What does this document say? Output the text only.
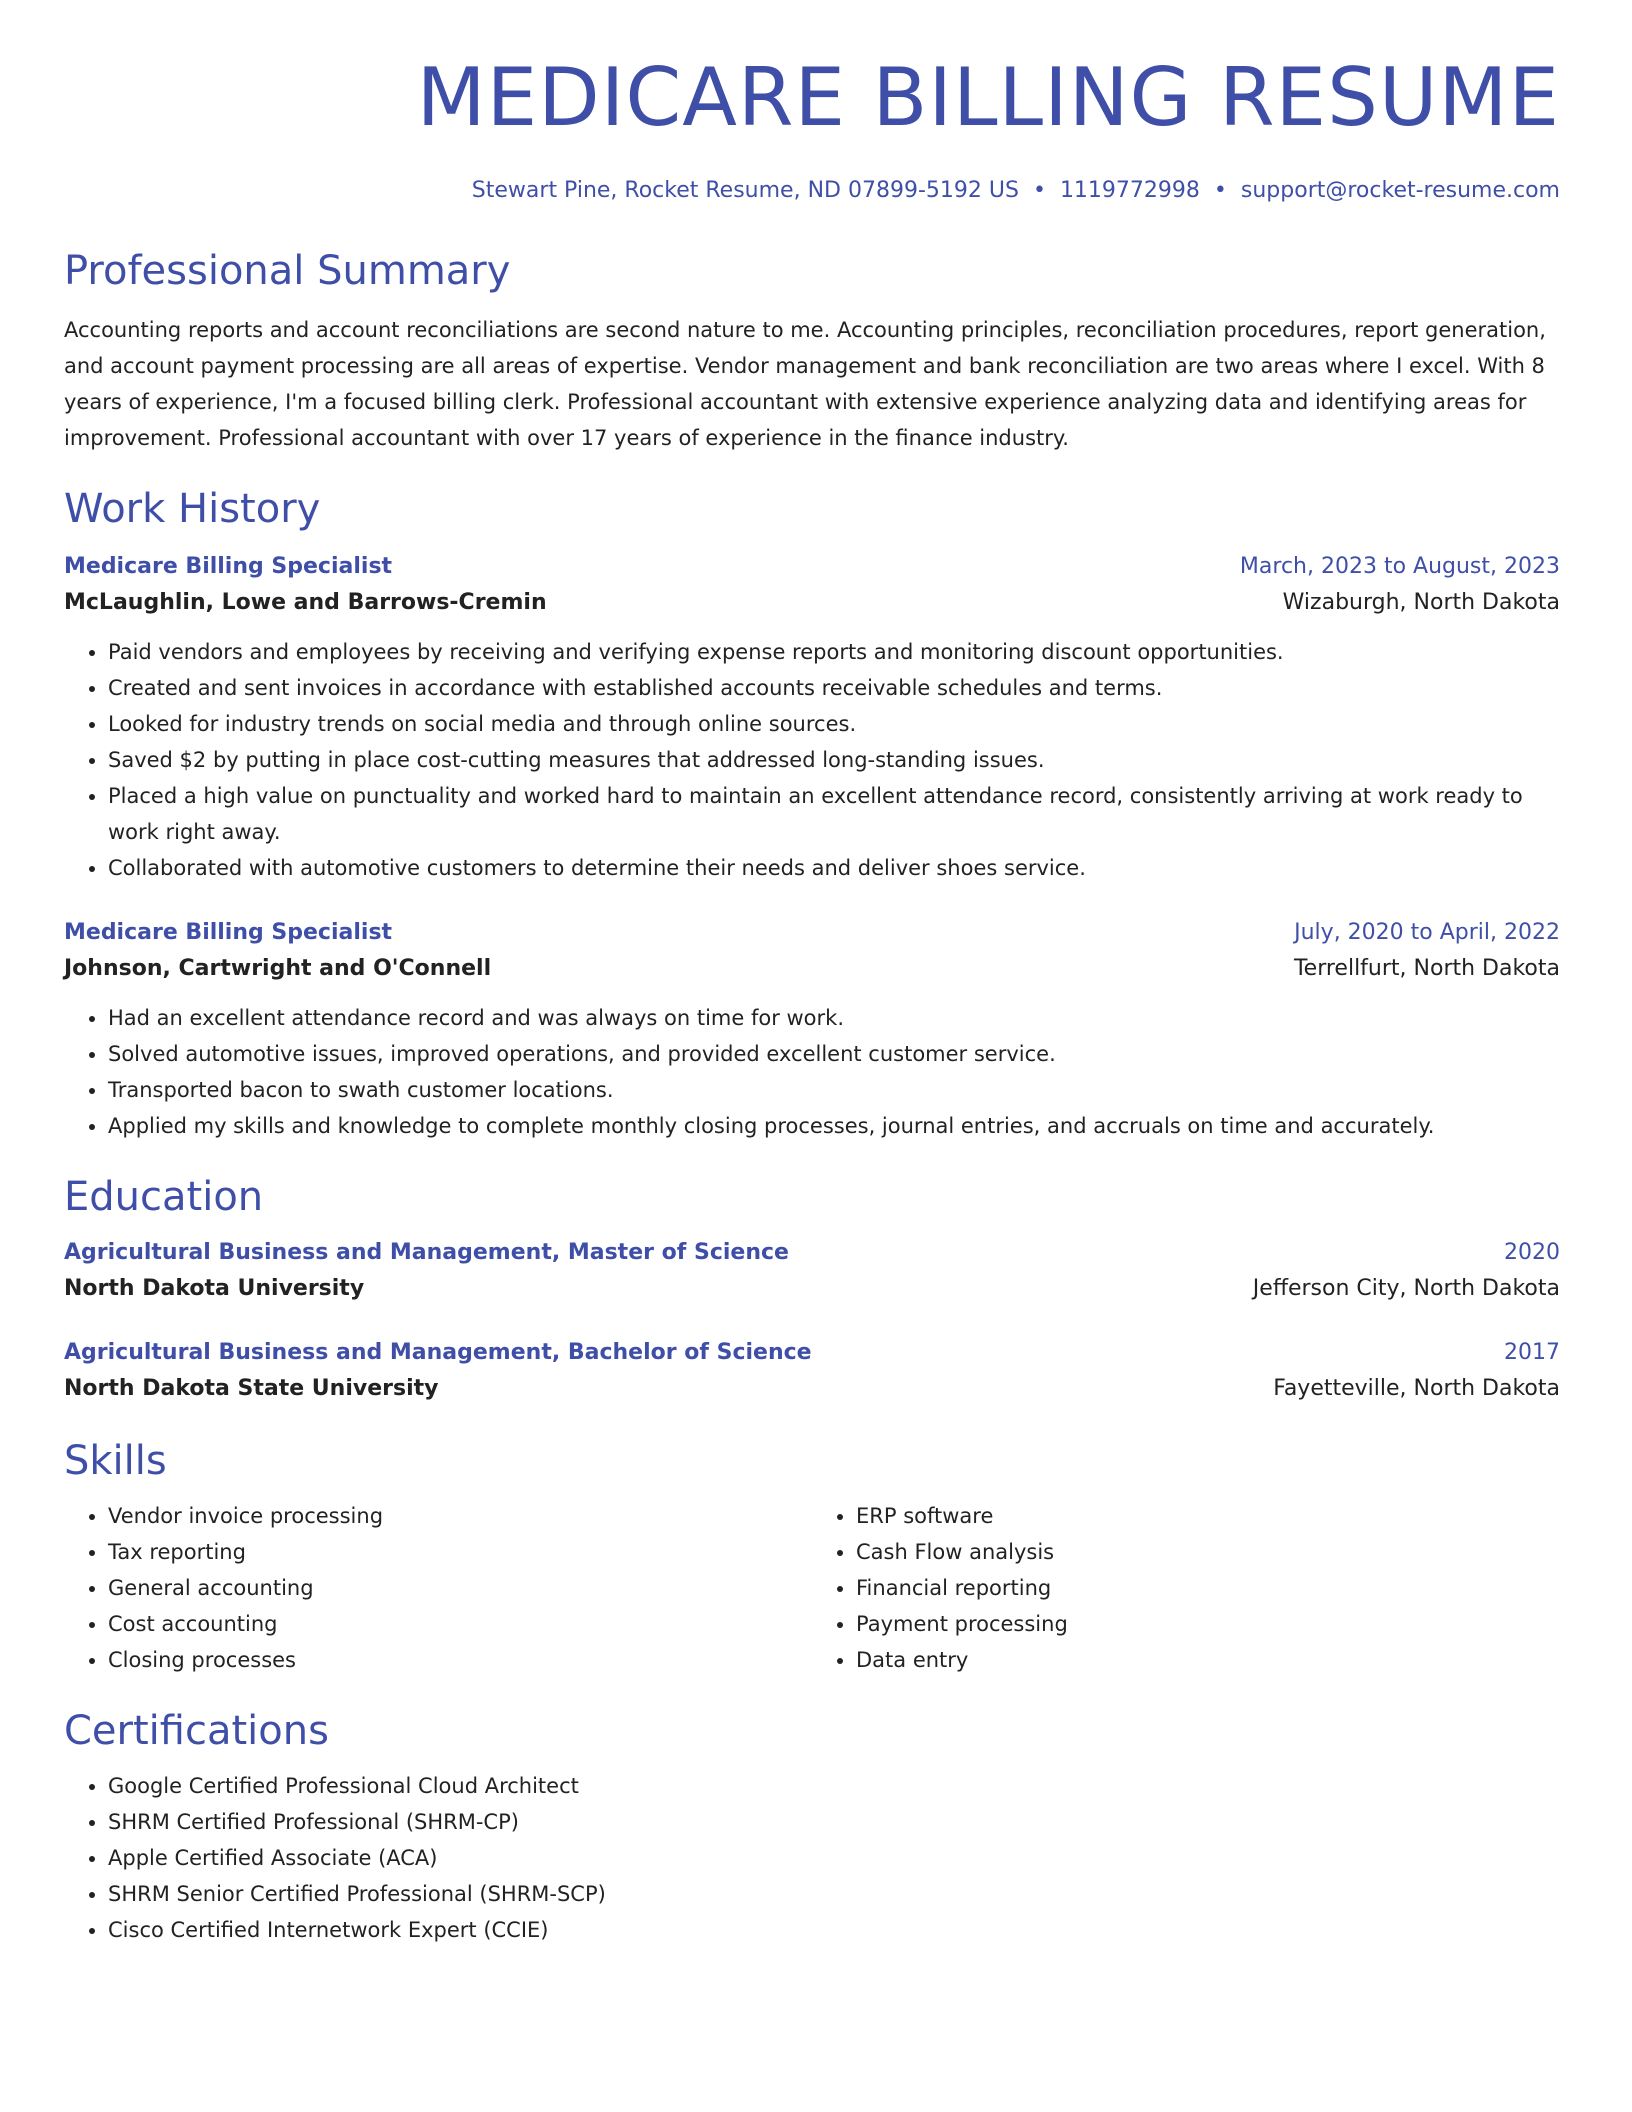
MEDICARE BILLING RESUME
Stewart Pine, Rocket Resume, ND 07899-5192 US • 1119772998 • support@rocket-resume.com
Professional Summary
Accounting reports and account reconciliations are second nature to me. Accounting principles, reconciliation procedures, report generation, and account payment processing are all areas of expertise. Vendor management and bank reconciliation are two areas where I excel. With 8 years of experience, I'm a focused billing clerk. Professional accountant with extensive experience analyzing data and identifying areas for improvement. Professional accountant with over 17 years of experience in the finance industry.
Work History
Medicare Billing Specialist	March, 2023 to August, 2023
McLaughlin, Lowe and Barrows-Cremin	Wizaburgh, North Dakota
• Paid vendors and employees by receiving and verifying expense reports and monitoring discount opportunities.
• Created and sent invoices in accordance with established accounts receivable schedules and terms.
• Looked for industry trends on social media and through online sources.
• Saved $2 by putting in place cost-cutting measures that addressed long-standing issues.
• Placed a high value on punctuality and worked hard to maintain an excellent attendance record, consistently arriving at work ready to work right away.
• Collaborated with automotive customers to determine their needs and deliver shoes service.
Medicare Billing Specialist	July, 2020 to April, 2022
Johnson, Cartwright and O'Connell	Terrellfurt, North Dakota
• Had an excellent attendance record and was always on time for work.
• Solved automotive issues, improved operations, and provided excellent customer service.
• Transported bacon to swath customer locations.
• Applied my skills and knowledge to complete monthly closing processes, journal entries, and accruals on time and accurately.
Education
Agricultural Business and Management, Master of Science	2020
North Dakota University	Jefferson City, North Dakota
Agricultural Business and Management, Bachelor of Science	2017
North Dakota State University	Fayetteville, North Dakota
Skills
• Vendor invoice processing
• Tax reporting
• General accounting
• Cost accounting
• Closing processes
• ERP software
• Cash Flow analysis
• Financial reporting
• Payment processing
• Data entry
Certifications
• Google Certified Professional Cloud Architect
• SHRM Certified Professional (SHRM-CP)
• Apple Certified Associate (ACA)
• SHRM Senior Certified Professional (SHRM-SCP)
• Cisco Certified Internetwork Expert (CCIE)
